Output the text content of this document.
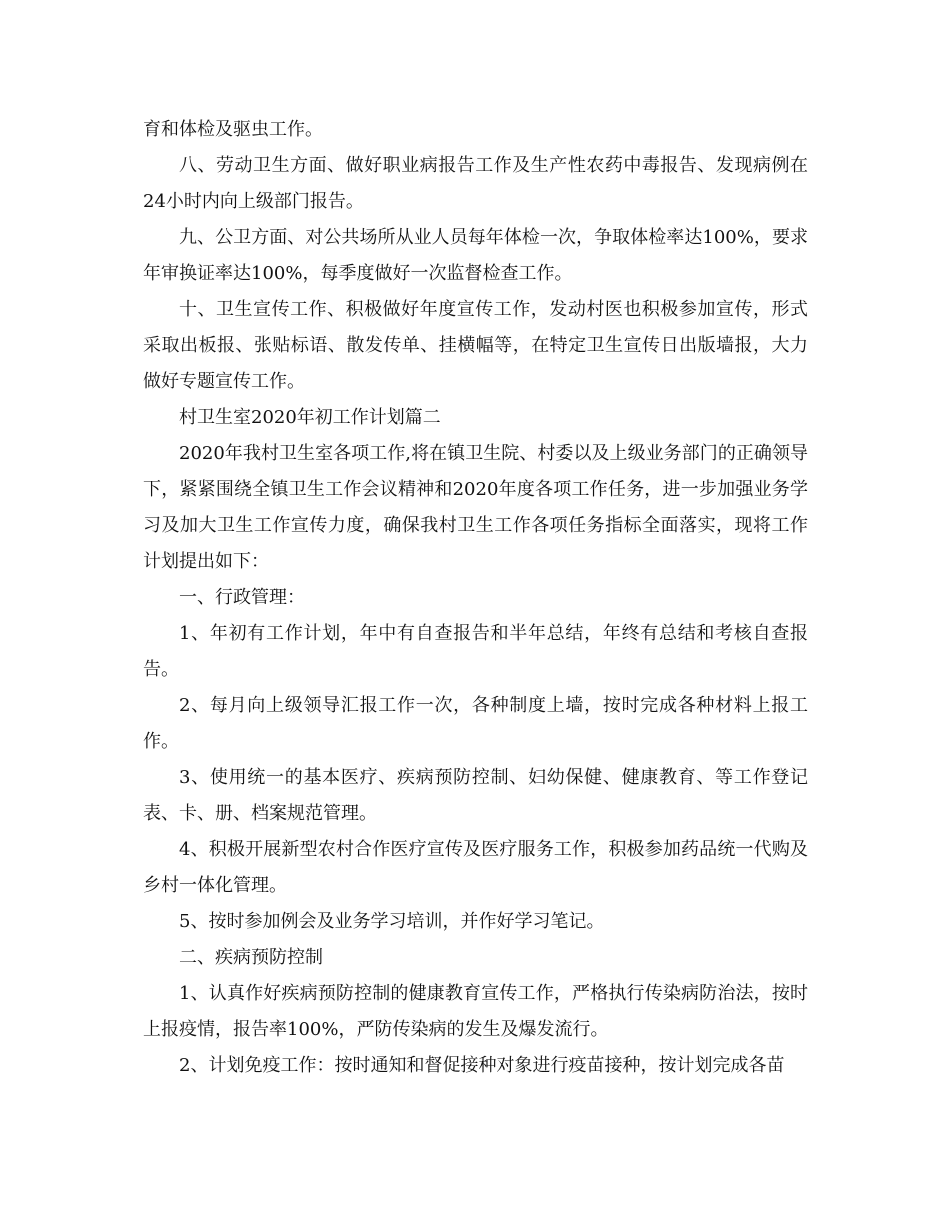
育和体检及驱虫工作。

八、劳动卫生方面、做好职业病报告工作及生产性农药中毒报告、发现病例在24小时内向上级部门报告。

九、公卫方面、对公共场所从业人员每年体检一次，争取体检率达100%，要求年审换证率达100%，每季度做好一次监督检查工作。

十、卫生宣传工作、积极做好年度宣传工作，发动村医也积极参加宣传，形式采取出板报、张贴标语、散发传单、挂横幅等，在特定卫生宣传日出版墙报，大力做好专题宣传工作。

村卫生室2020年初工作计划篇二

2020年我村卫生室各项工作,将在镇卫生院、村委以及上级业务部门的正确领导下，紧紧围绕全镇卫生工作会议精神和2020年度各项工作任务，进一步加强业务学习及加大卫生工作宣传力度，确保我村卫生工作各项任务指标全面落实，现将工作计划提出如下：

一、行政管理：

1、年初有工作计划，年中有自查报告和半年总结，年终有总结和考核自查报告。

2、每月向上级领导汇报工作一次，各种制度上墙，按时完成各种材料上报工作。

3、使用统一的基本医疗、疾病预防控制、妇幼保健、健康教育、等工作登记表、卡、册、档案规范管理。

4、积极开展新型农村合作医疗宣传及医疗服务工作，积极参加药品统一代购及乡村一体化管理。

5、按时参加例会及业务学习培训，并作好学习笔记。

二、疾病预防控制

1、认真作好疾病预防控制的健康教育宣传工作，严格执行传染病防治法，按时上报疫情，报告率100%，严防传染病的发生及爆发流行。

2、计划免疫工作：按时通知和督促接种对象进行疫苗接种，按计划完成各苗
